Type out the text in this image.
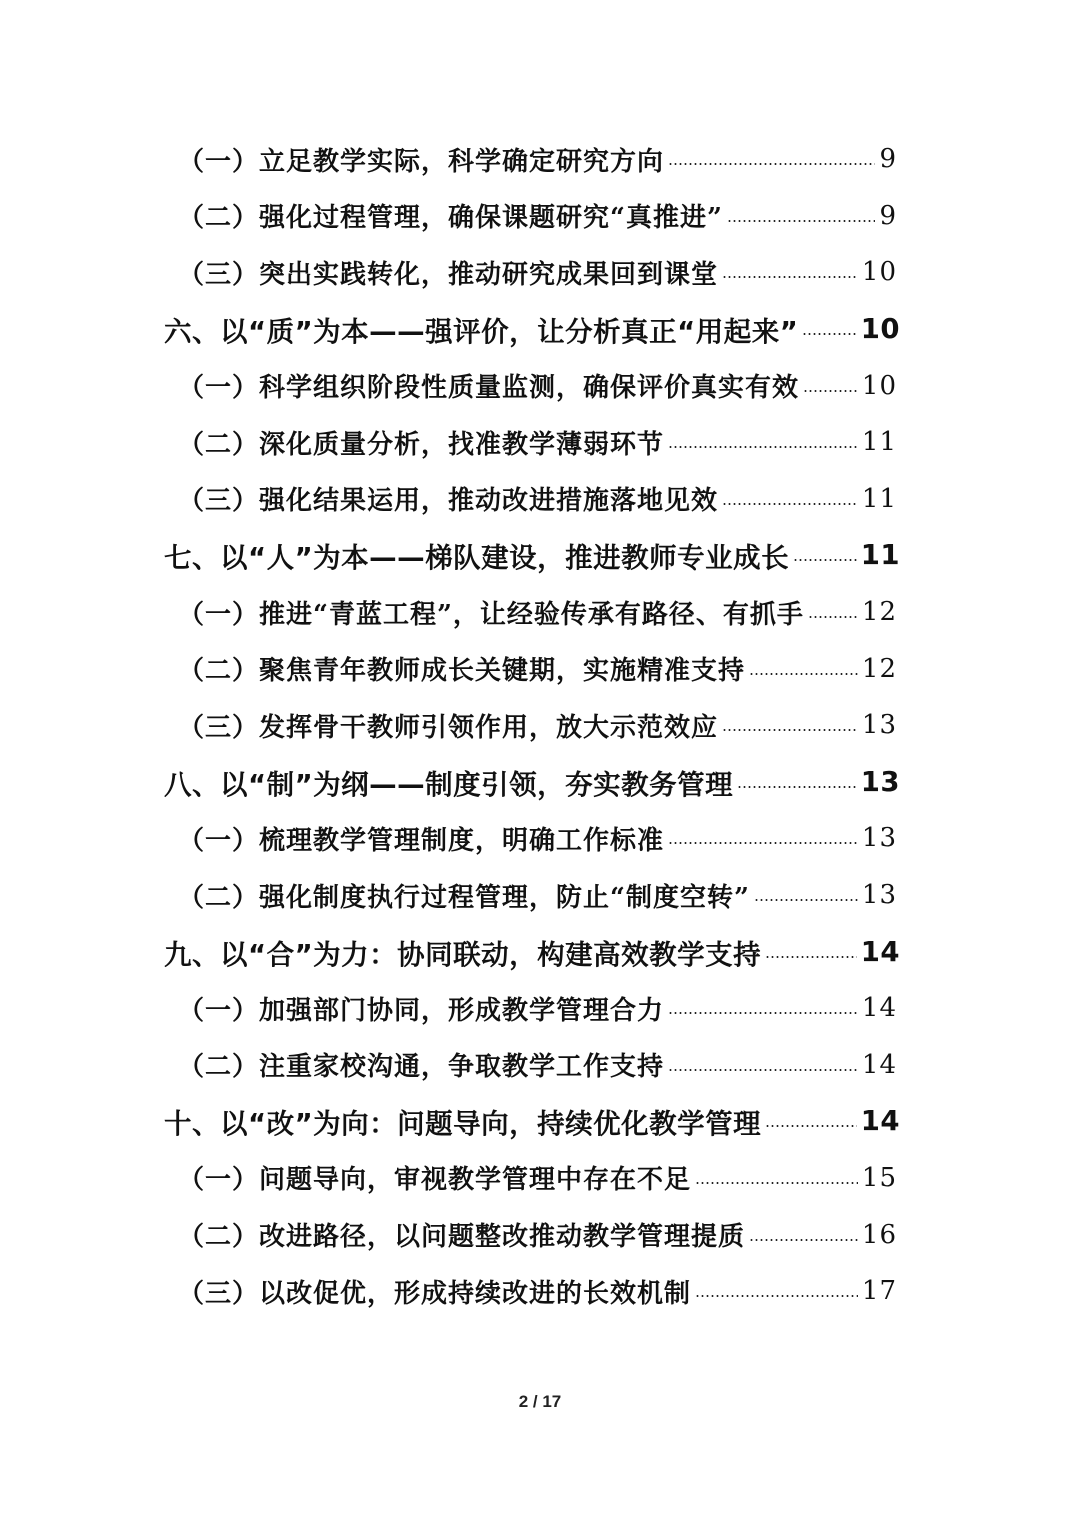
（一）立足教学实际，科学确定研究方向	9
（二）强化过程管理，确保课题研究“真推进”	9
（三）突出实践转化，推动研究成果回到课堂	10
六、以“质”为本——强评价，让分析真正“用起来” 10
（一）科学组织阶段性质量监测，确保评价真实有效 10
（二）深化质量分析，找准教学薄弱环节	11
（三）强化结果运用，推动改进措施落地见效	11
七、以“人”为本——梯队建设，推进教师专业成长	11
（一）推进“青蓝工程”，让经验传承有路径、有抓手 12
（二）聚焦青年教师成长关键期，实施精准支持	12
（三）发挥骨干教师引领作用，放大示范效应	13
八、以“制”为纲——制度引领，夯实教务管理	13
（一）梳理教学管理制度，明确工作标准	13
（二）强化制度执行过程管理，防止“制度空转”	13
九、以“合”为力：协同联动，构建高效教学支持	14
（一）加强部门协同，形成教学管理合力	14
（二）注重家校沟通，争取教学工作支持	14
十、以“改”为向：问题导向，持续优化教学管理	14
（一）问题导向，审视教学管理中存在不足	15
（二）改进路径，以问题整改推动教学管理提质	16
（三）以改促优，形成持续改进的长效机制	17
2 / 17
